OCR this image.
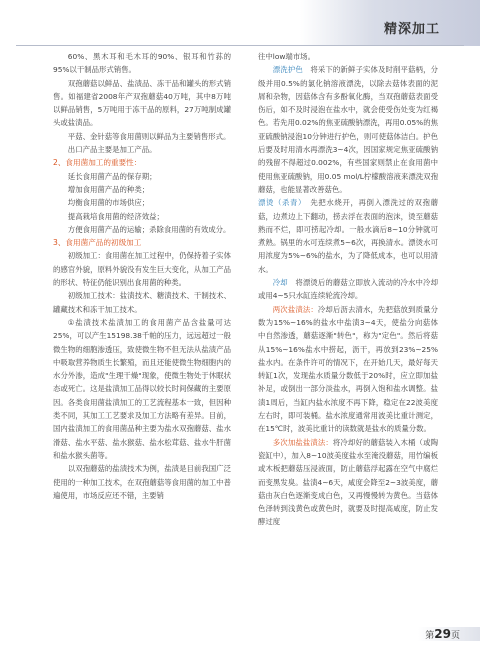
精深加工

60%、黑木耳和毛木耳的90%、银耳和竹荪的95%以干制品形式销售。

双孢蘑菇以鲜品、盐渍品、冻干品和罐头的形式销售。如福建省2008年产双孢蘑菇40万吨，其中8万吨以鲜品销售，5万吨用于冻干品的原料，27万吨制成罐头或盐渍品。

平菇、金针菇等食用菌则以鲜品为主要销售形式。

出口产品主要是加工产品。

2、食用菌加工的重要性：

延长食用菌产品的保存期；

增加食用菌产品的种类；

均衡食用菌的市场供应；

提高栽培食用菌的经济效益；

方便食用菌产品的运输；杀除食用菌的有效成分。

3、食用菌产品的初级加工

初级加工：食用菌在加工过程中，仍保持着子实体的感官外貌，原料外貌没有发生巨大变化，从加工产品的形状、特征仍能识别出食用菌的种类。

初级加工技术：盐渍技术、糖渍技术、干制技术、罐藏技术和冻干加工技术。

①盐渍技术盐渍加工的食用菌产品含盐量可达25%，可以产生15198.38千帕的压力，远远超过一般微生物的细胞渗透压，致使微生物不但无法从盐渍产品中吸取营养物质生长繁殖，而且还能使微生物细胞内的水分外渗，造成"生理干燥"现象，使微生物处于休眠状态或死亡。这是盐渍加工品得以较长时间保藏的主要原因。各类食用菌盐渍加工的工艺流程基本一致，但因种类不同，其加工工艺要求及加工方法略有差异。目前，国内盐渍加工的食用菌品种主要为盐水双孢蘑菇、盐水滑菇、盐水平菇、盐水猴菇、盐水松茸菇、盐水牛肝菌和盐水猴头菌等。

以双孢蘑菇的盐渍技术为例，盐渍是目前我国广泛使用的一种加工技术，在双孢蘑菇等食用菌的加工中普遍使用，市场反应还不错，主要销

往中low端市场。

漂洗护色　 将采下的新鲜子实体及时削平菇柄，分级并用0.5%的氯化钠溶液漂洗，以除去菇体表面的泥屑和杂物，因菇体含有多酚氧化酶，当双孢蘑菇表面受伤后，如不及时浸泡在盐水中，就会使受伤处变为红褐色。若先用0.02%的焦亚硫酸钠漂洗，再用0.05%的焦亚硫酸钠浸泡10分钟进行护色，则可使菇体洁白。护色后要及时用清水再漂洗3~4次，因国家规定焦亚硫酸钠的残留不得超过0.002%，有些国家则禁止在食用菌中使用焦亚硫酸钠，用0.05 mol/L柠檬酸溶液来漂洗双孢蘑菇，也能显著改善菇色。

漂烫（杀青）　 先把水烧开，再倒入漂洗过的双孢蘑菇，边煮边上下翻动，捞去浮在表面的泡沫，烫至蘑菇熟而不烂，即可捞起冷却。一般水滴后8~10分钟就可煮熟。锅里的水可连续煮5~6次，再换清水。漂烫水可用浓度为5%~6%的盐水，为了降低成本，也可以用清水。

冷却　 将漂烫后的蘑菇立即放入流动的冷水中冷却或用4~5只水缸连续轮流冷却。

两次盐渍法：冷却后沥去清水，先把菇放到质量分数为15%~16%的盐水中盐渍3~4天，使盐分向菇体中自然渗透，蘑菇逐渐"转色"，称为"定色"。然后将菇从15%~16%盐水中捞起，沥干，再放到23%~25%盐水内。在条件许可的情况下，在开始几天，最好每天转缸1次，发现盐水质量分数低于20%时，应立即加盐补足，或倒出一部分淡盐水，再倒入饱和盐水调整。盐渍1周后，当缸内盐水浓度不再下降，稳定在22波美度左右时，即可装桶。盐水浓度通常用波美比重计测定，在15℃时，波美比重计的读数就是盐水的质量分数。

多次加盐盐渍法：将冷却好的蘑菇装入木桶（或陶瓷缸中），加入8~10波美度盐水至淹没蘑菇，用竹编板或木板把蘑菇压浸液面，防止蘑菇浮起露在空气中腐烂而变黑发臭。盐渍4~6天，咸度会降至2~3波美度，蘑菇由灰白色逐渐变成白色，又再慢慢转为黄色。当菇体色泽转到浅黄色或黄色时，就要及时提高咸度，防止发酵过度

第29页
